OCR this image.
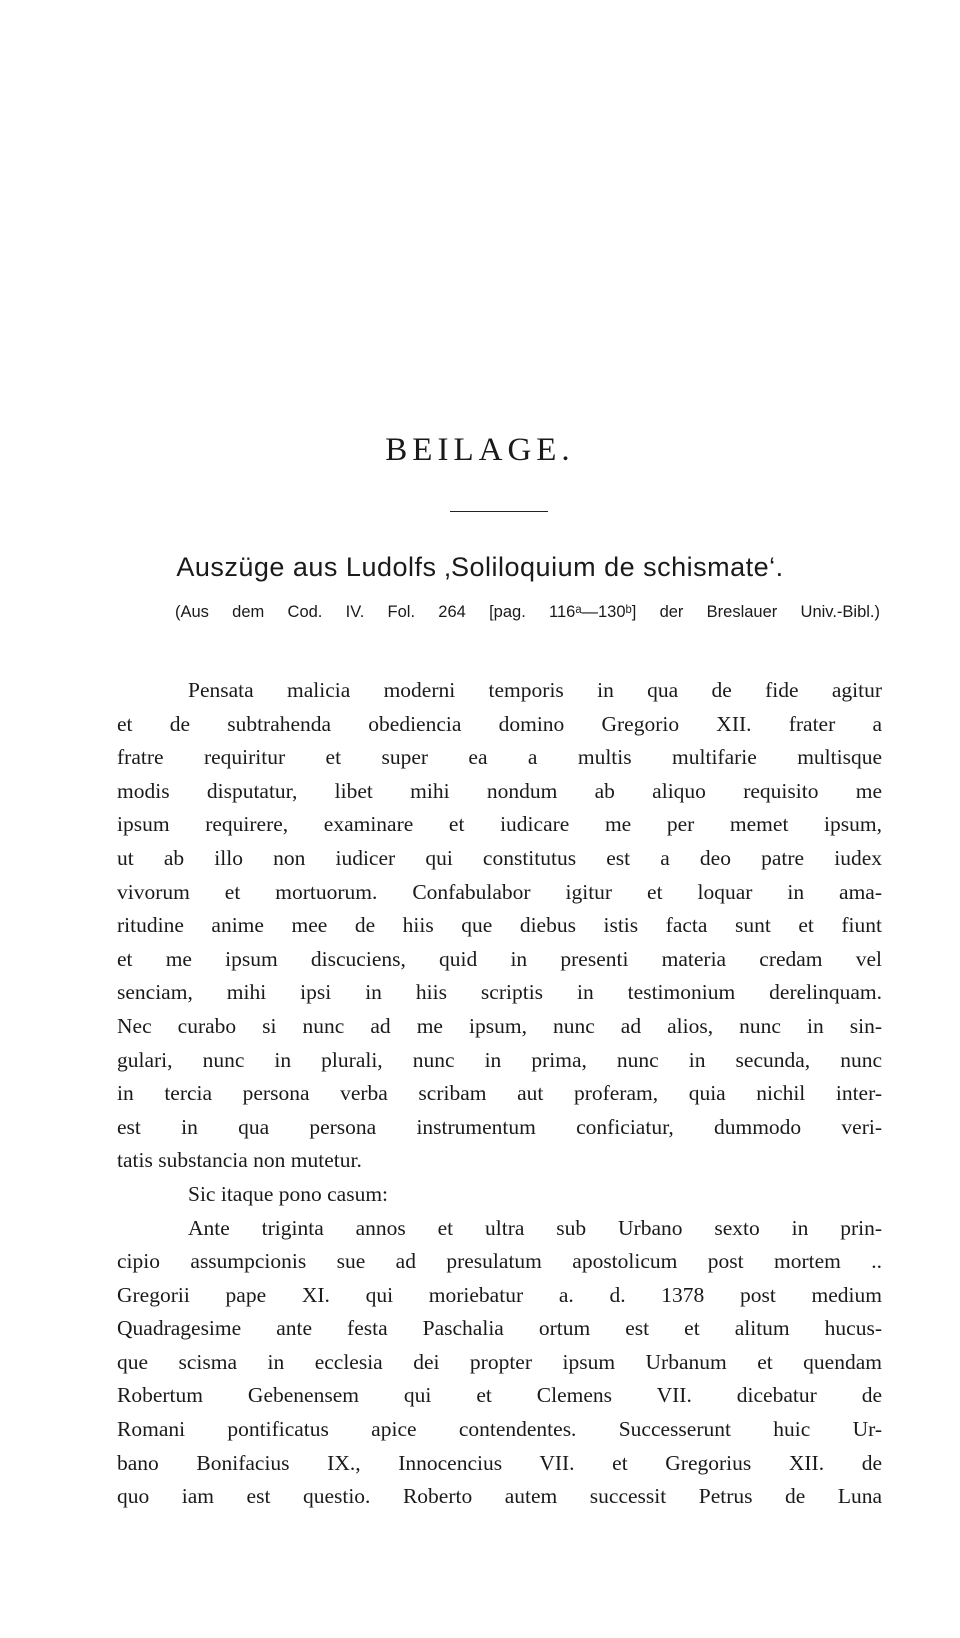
BEILAGE.
Auszüge aus Ludolfs ‚Soliloquium de schismate‘.
(Aus dem Cod. IV. Fol. 264 [pag. 116ᵃ—130ᵇ] der Breslauer Univ.-Bibl.)
Pensata malicia moderni temporis in qua de fide agitur
et de subtrahenda obediencia domino Gregorio XII. frater a
fratre requiritur et super ea a multis multifarie multisque
modis disputatur, libet mihi nondum ab aliquo requisito me
ipsum requirere, examinare et iudicare me per memet ipsum,
ut ab illo non iudicer qui constitutus est a deo patre iudex
vivorum et mortuorum. Confabulabor igitur et loquar in ama-
ritudine anime mee de hiis que diebus istis facta sunt et fiunt
et me ipsum discuciens, quid in presenti materia credam vel
senciam, mihi ipsi in hiis scriptis in testimonium derelinquam.
Nec curabo si nunc ad me ipsum, nunc ad alios, nunc in sin-
gulari, nunc in plurali, nunc in prima, nunc in secunda, nunc
in tercia persona verba scribam aut proferam, quia nichil inter-
est in qua persona instrumentum conficiatur, dummodo veri-
tatis substancia non mutetur.
Sic itaque pono casum:
Ante triginta annos et ultra sub Urbano sexto in prin-
cipio assumpcionis sue ad presulatum apostolicum post mortem ..
Gregorii pape XI. qui moriebatur a. d. 1378 post medium
Quadragesime ante festa Paschalia ortum est et alitum hucus-
que scisma in ecclesia dei propter ipsum Urbanum et quendam
Robertum Gebenensem qui et Clemens VII. dicebatur de
Romani pontificatus apice contendentes. Successerunt huic Ur-
bano Bonifacius IX., Innocencius VII. et Gregorius XII. de
quo iam est questio. Roberto autem successit Petrus de Luna
